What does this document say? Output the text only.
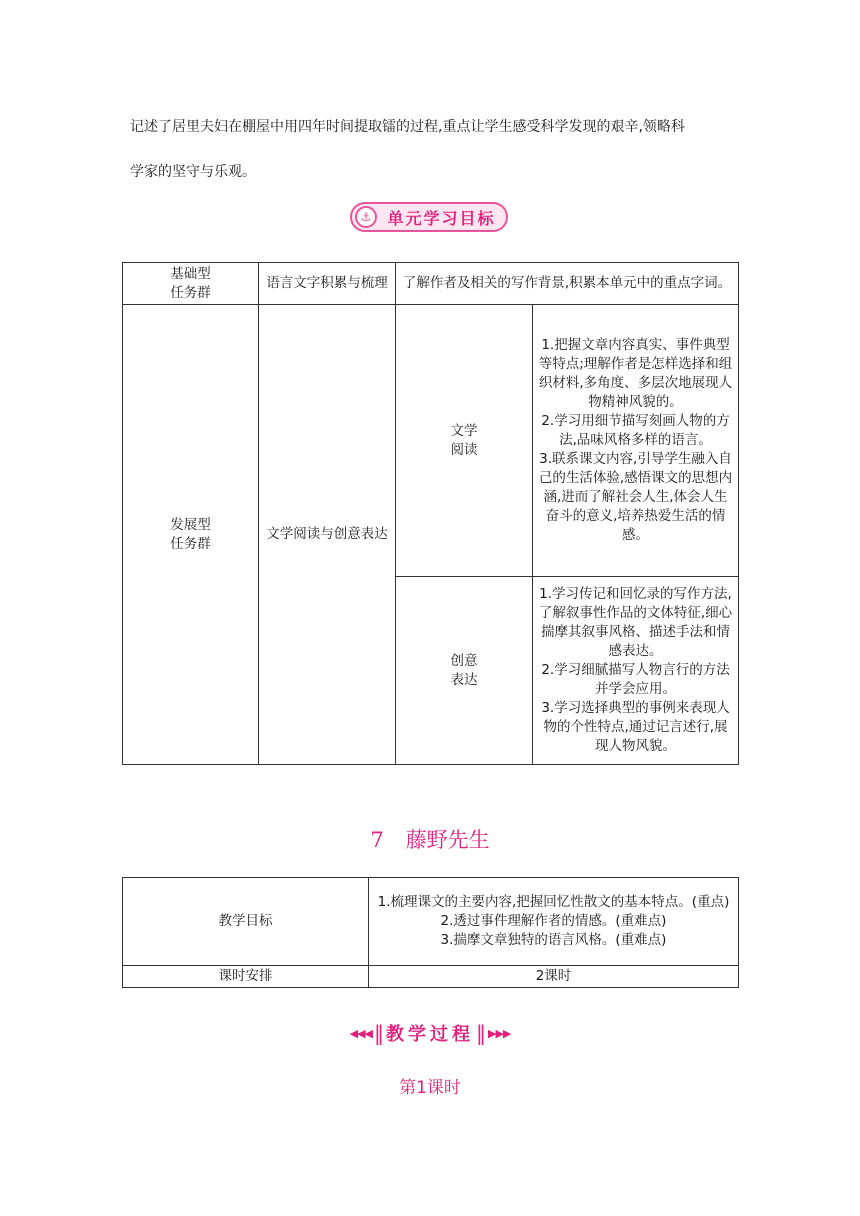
记述了居里夫妇在棚屋中用四年时间提取镭的过程,重点让学生感受科学发现的艰辛,领略科
学家的坚守与乐观。
⚓	单元学习目标
基础型
任务群	语言文字积累与梳理	了解作者及相关的写作背景,积累本单元中的重点字词。	
发展型
任务群	文学阅读与创意表达	文学
阅读	1.把握文章内容真实、事件典型等特点;理解作者是怎样选择和组织材料,多角度、多层次地展现人物精神风貌的。
2.学习用细节描写刻画人物的方法,品味风格多样的语言。
3.联系课文内容,引导学生融入自己的生活体验,感悟课文的思想内涵,进而了解社会人生,体会人生奋斗的意义,培养热爱生活的情感。
		创意
表达	1.学习传记和回忆录的写作方法,了解叙事性作品的文体特征,细心揣摩其叙事风格、描述手法和情感表达。
2.学习细腻描写人物言行的方法并学会应用。
3.学习选择典型的事例来表现人物的个性特点,通过记言述行,展现人物风貌。
7 藤野先生
教学目标	1.梳理课文的主要内容,把握回忆性散文的基本特点。(重点)
2.透过事件理解作者的情感。(重难点)
3.揣摩文章独特的语言风格。(重难点)
课时安排	2课时
◀◀◀ ‖ 教学过程 ‖ ▶▶▶
第1课时
